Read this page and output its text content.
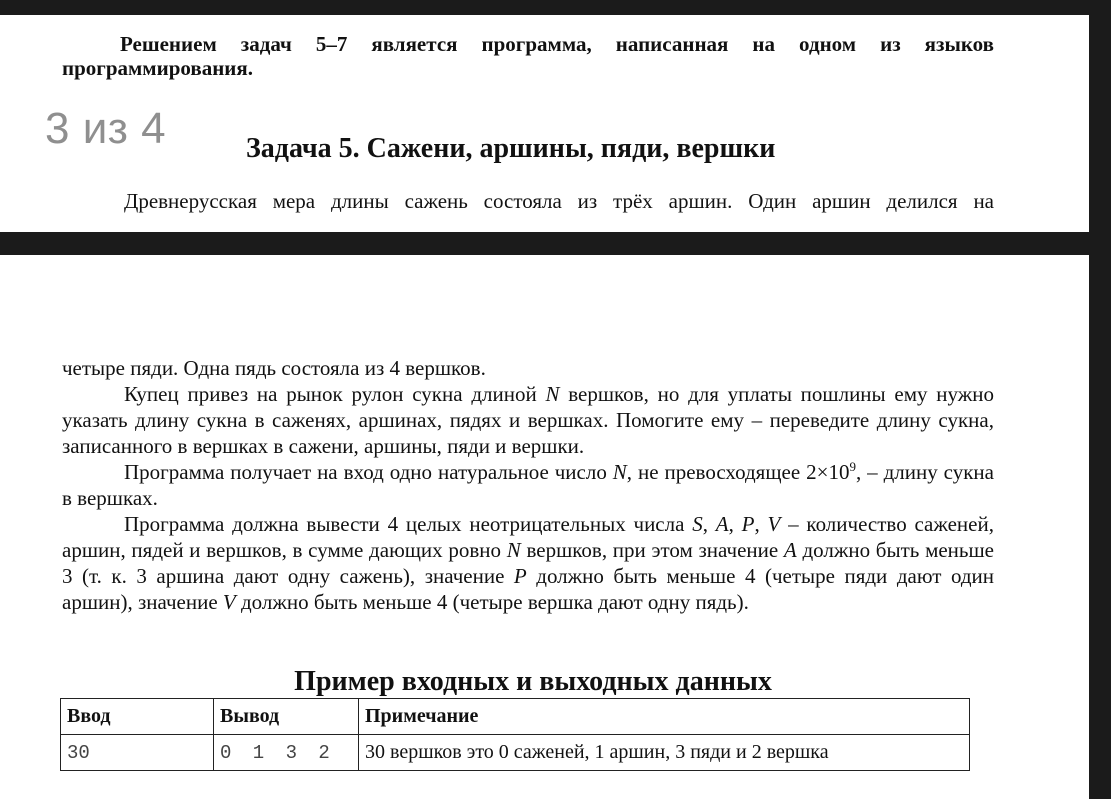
Решением задач 5–7 является программа, написанная на одном из языков программирования.

3 из 4	Задача 5. Сажени, аршины, пяди, вершки

Древнерусская мера длины сажень состояла из трёх аршин. Один аршин делился на

четыре пяди. Одна пядь состояла из 4 вершков.

Купец привез на рынок рулон сукна длиной N вершков, но для уплаты пошлины ему нужно указать длину сукна в саженях, аршинах, пядях и вершках. Помогите ему – переведите длину сукна, записанного в вершках в сажени, аршины, пяди и вершки.

Программа получает на вход одно натуральное число N, не превосходящее $2\times 10^9$, – длину сукна в вершках.

Программа должна вывести 4 целых неотрицательных числа S, A, P, V – количество саженей, аршин, пядей и вершков, в сумме дающих ровно N вершков, при этом значение A должно быть меньше 3 (т. к. 3 аршина дают одну сажень), значение P должно быть меньше 4 (четыре пяди дают один аршин), значение V должно быть меньше 4 (четыре вершка дают одну пядь).

Пример входных и выходных данных
Ввод	Вывод	Примечание
30	0 1 3 2	30 вершков это 0 саженей, 1 аршин, 3 пяди и 2 вершка
